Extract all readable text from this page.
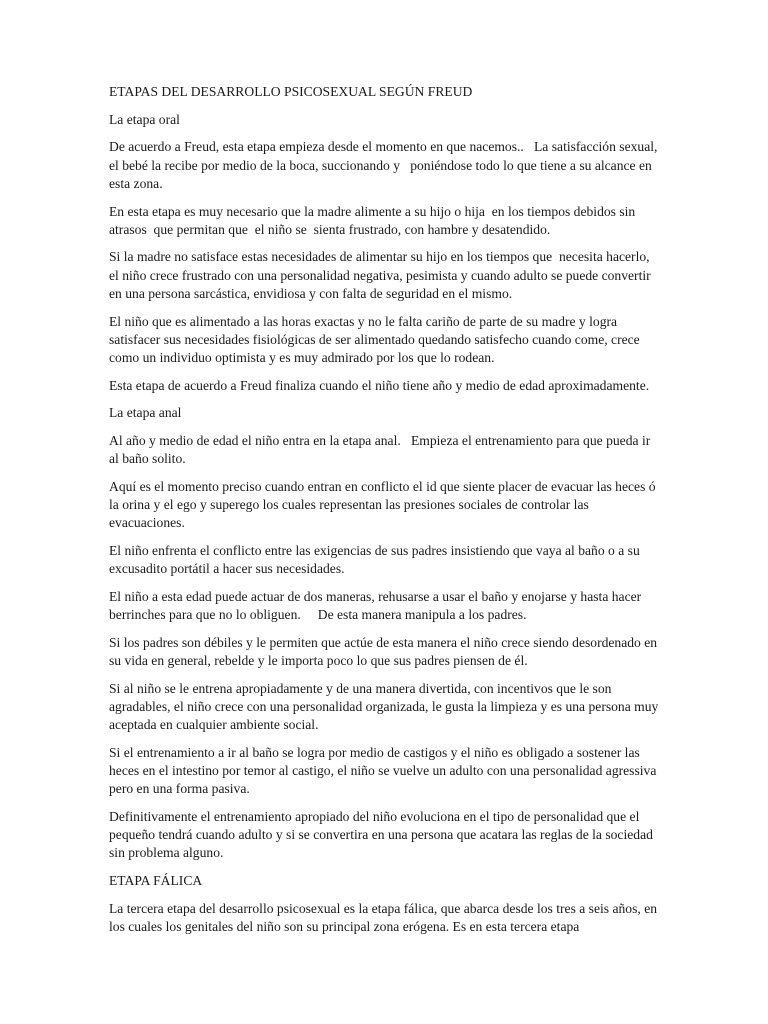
ETAPAS DEL DESARROLLO PSICOSEXUAL SEGÚN FREUD

La etapa oral

De acuerdo a Freud, esta etapa empieza desde el momento en que nacemos..   La satisfacción sexual, el bebé la recibe por medio de la boca, succionando y   poniéndose todo lo que tiene a su alcance en esta zona.

En esta etapa es muy necesario que la madre alimente a su hijo o hija  en los tiempos debidos sin atrasos  que permitan que  el niño se  sienta frustrado, con hambre y desatendido.

Si la madre no satisface estas necesidades de alimentar su hijo en los tiempos que  necesita hacerlo, el niño crece frustrado con una personalidad negativa, pesimista y cuando adulto se puede convertir en una persona sarcástica, envidiosa y con falta de seguridad en el mismo.

El niño que es alimentado a las horas exactas y no le falta cariño de parte de su madre y logra satisfacer sus necesidades fisiológicas de ser alimentado quedando satisfecho cuando come, crece como un individuo optimista y es muy admirado por los que lo rodean.

Esta etapa de acuerdo a Freud finaliza cuando el niño tiene año y medio de edad aproximadamente.

La etapa anal

Al año y medio de edad el niño entra en la etapa anal.   Empieza el entrenamiento para que pueda ir al baño solito.

Aquí es el momento preciso cuando entran en conflicto el id que siente placer de evacuar las heces ó la orina y el ego y superego los cuales representan las presiones sociales de controlar las evacuaciones.

El niño enfrenta el conflicto entre las exigencias de sus padres insistiendo que vaya al baño o a su excusadito portátil a hacer sus necesidades.

El niño a esta edad puede actuar de dos maneras, rehusarse a usar el baño y enojarse y hasta hacer berrinches para que no lo obliguen.     De esta manera manipula a los padres.

Si los padres son débiles y le permiten que actúe de esta manera el niño crece siendo desordenado en su vida en general, rebelde y le importa poco lo que sus padres piensen de él.

Si al niño se le entrena apropiadamente y de una manera divertida, con incentivos que le son agradables, el niño crece con una personalidad organizada, le gusta la limpieza y es una persona muy aceptada en cualquier ambiente social.

Si el entrenamiento a ir al baño se logra por medio de castigos y el niño es obligado a sostener las heces en el intestino por temor al castigo, el niño se vuelve un adulto con una personalidad agressiva pero en una forma pasiva.

Definitivamente el entrenamiento apropiado del niño evoluciona en el tipo de personalidad que el pequeño tendrá cuando adulto y si se convertira en una persona que acatara las reglas de la sociedad sin problema alguno.

ETAPA FÁLICA

La tercera etapa del desarrollo psicosexual es la etapa fálica, que abarca desde los tres a seis años, en los cuales los genitales del niño son su principal zona erógena. Es en esta tercera etapa
